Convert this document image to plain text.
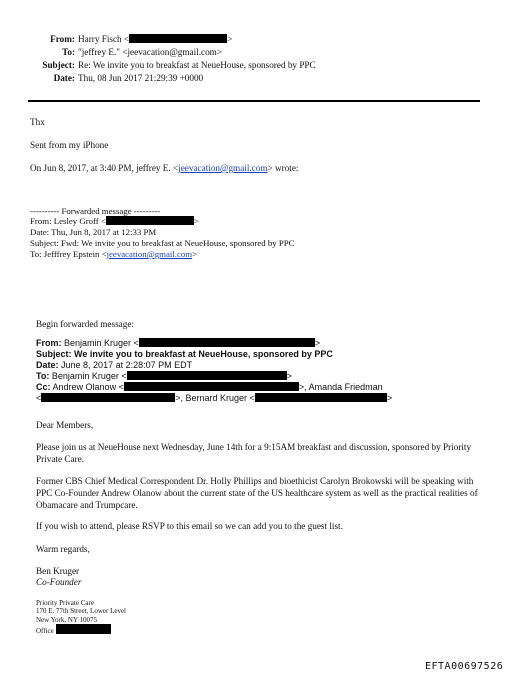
From: Harry Fisch <	>
To: "jeffrey E." <jeevacation@gmail.com>
Subject: Re: We invite you to breakfast at NeueHouse, sponsored by PPC
Date: Thu, 08 Jun 2017 21:29:39 +0000
Thx
Sent from my iPhone
On Jun 8, 2017, at 3:40 PM, jeffrey E. <jeevacation@gmail.com> wrote:
---------- Forwarded message ---------
From: Lesley Groff <	>
Date: Thu, Jun 8, 2017 at 12:33 PM
Subject: Fwd: We invite you to breakfast at NeueHouse, sponsored by PPC
To: Jefffrey Epstein <jeevacation@gmail.com>
Begin forwarded message:
From: Benjamin Kruger <	>
Subject: We invite you to breakfast at NeueHouse, sponsored by PPC
Date: June 8, 2017 at 2:28:07 PM EDT
To: Benjamin Kruger <	>
Cc: Andrew Olanow <	>, Amanda Friedman
<	>, Bernard Kruger <	>
Dear Members,
Please join us at NeueHouse next Wednesday, June 14th for a 9:15AM breakfast and discussion, sponsored by Priority Private Care.
Former CBS Chief Medical Correspondent Dr. Holly Phillips and bioethicist Carolyn Brokowski will be speaking with PPC Co-Founder Andrew Olanow about the current state of the US healthcare system as well as the practical realities of Obamacare and Trumpcare.
If you wish to attend, please RSVP to this email so we can add you to the guest list.
Warm regards,
Ben Kruger
Co-Founder
Priority Private Care
170 E. 77th Street, Lower Level
New York, NY 10075
Office
EFTA00697526
